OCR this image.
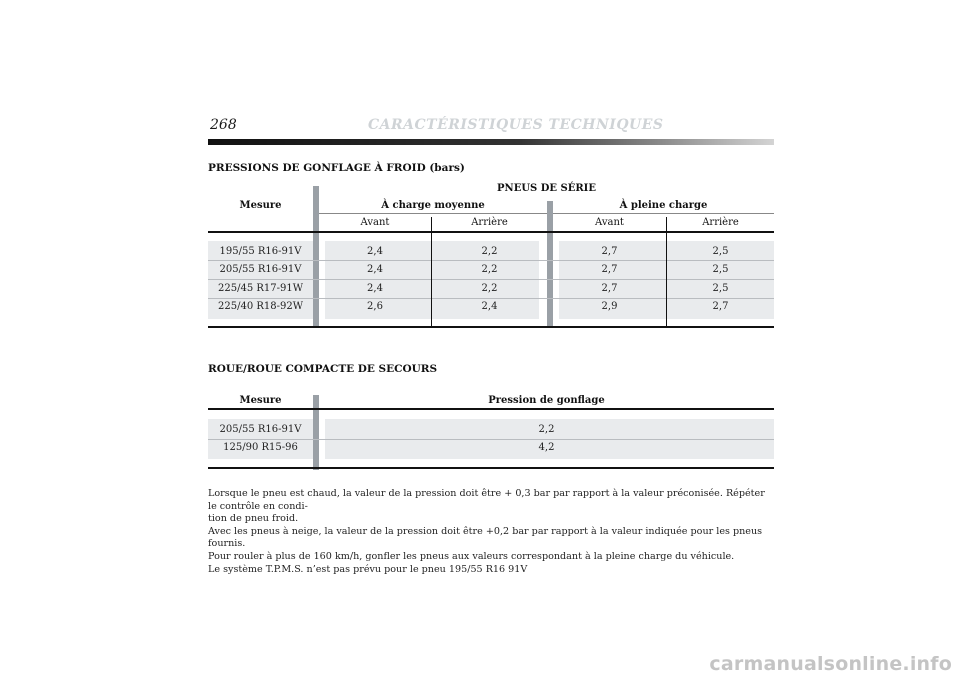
268	CARACTÉRISTIQUES TECHNIQUES
PRESSIONS DE GONFLAGE À FROID (bars)
Mesure
PNEUS DE SÉRIE
À charge moyenne	À pleine charge
Avant	Arrière	Avant	Arrière
195/55 R16-91V	2,4	2,2	2,7	2,5
205/55 R16-91V	2,4	2,2	2,7	2,5
225/45 R17-91W	2,4	2,2	2,7	2,5
225/40 R18-92W	2,6	2,4	2,9	2,7
ROUE/ROUE COMPACTE DE SECOURS
Mesure	Pression de gonflage
205/55 R16-91V	2,2
125/90 R15-96	4,2

Lorsque le pneu est chaud, la valeur de la pression doit être + 0,3 bar par rapport à la valeur préconisée. Répéter le contrôle en condi-

tion de pneu froid.

Avec les pneus à neige, la valeur de la pression doit être +0,2 bar par rapport à la valeur indiquée pour les pneus fournis.

Pour rouler à plus de 160 km/h, gonfler les pneus aux valeurs correspondant à la pleine charge du véhicule.

Le système T.P.M.S. n’est pas prévu pour le pneu 195/55 R16 91V

carmanualsonline.info
